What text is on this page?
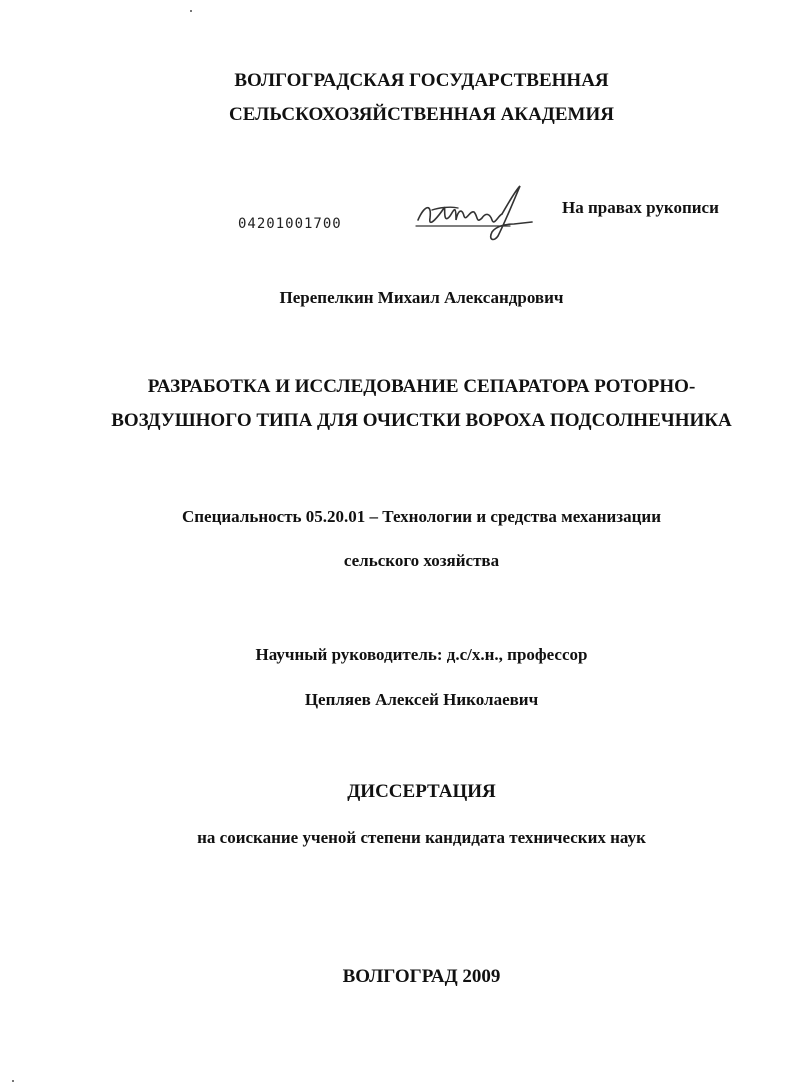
ВОЛГОГРАДСКАЯ ГОСУДАРСТВЕННАЯ
СЕЛЬСКОХОЗЯЙСТВЕННАЯ АКАДЕМИЯ
04201001700
На правах рукописи
Перепелкин Михаил Александрович
РАЗРАБОТКА И ИССЛЕДОВАНИЕ СЕПАРАТОРА РОТОРНО-
ВОЗДУШНОГО ТИПА ДЛЯ ОЧИСТКИ ВОРОХА ПОДСОЛНЕЧНИКА
Специальность 05.20.01 – Технологии и средства механизации
сельского хозяйства
Научный руководитель: д.с/х.н., профессор
Цепляев Алексей Николаевич
ДИССЕРТАЦИЯ
на соискание ученой степени кандидата технических наук
ВОЛГОГРАД 2009
